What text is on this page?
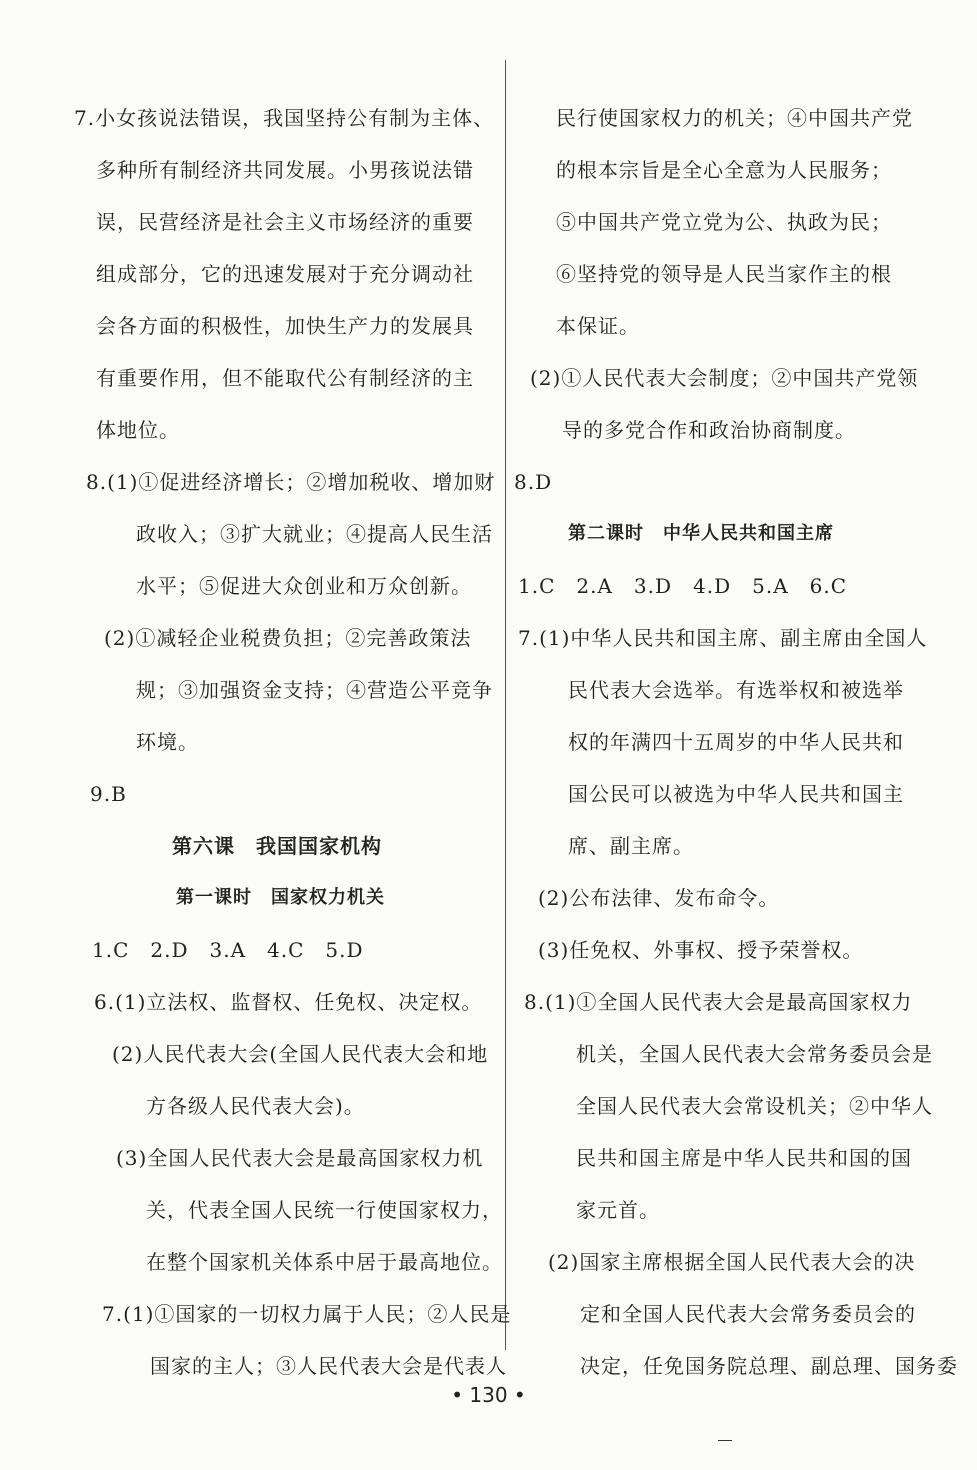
7.小女孩说法错误，我国坚持公有制为主体、
多种所有制经济共同发展。小男孩说法错
误，民营经济是社会主义市场经济的重要
组成部分，它的迅速发展对于充分调动社
会各方面的积极性，加快生产力的发展具
有重要作用，但不能取代公有制经济的主
体地位。
8.(1)①促进经济增长；②增加税收、增加财
政收入；③扩大就业；④提高人民生活
水平；⑤促进大众创业和万众创新。
(2)①减轻企业税费负担；②完善政策法
规；③加强资金支持；④营造公平竞争
环境。
9.B
第六课　我国国家机构
第一课时　国家权力机关
1.C　2.D　3.A　4.C　5.D
6.(1)立法权、监督权、任免权、决定权。
(2)人民代表大会(全国人民代表大会和地
方各级人民代表大会)。
(3)全国人民代表大会是最高国家权力机
关，代表全国人民统一行使国家权力，
在整个国家机关体系中居于最高地位。
7.(1)①国家的一切权力属于人民；②人民是
国家的主人；③人民代表大会是代表人
民行使国家权力的机关；④中国共产党
的根本宗旨是全心全意为人民服务；
⑤中国共产党立党为公、执政为民；
⑥坚持党的领导是人民当家作主的根
本保证。
(2)①人民代表大会制度；②中国共产党领
导的多党合作和政治协商制度。
8.D
第二课时　中华人民共和国主席
1.C　2.A　3.D　4.D　5.A　6.C
7.(1)中华人民共和国主席、副主席由全国人
民代表大会选举。有选举权和被选举
权的年满四十五周岁的中华人民共和
国公民可以被选为中华人民共和国主
席、副主席。
(2)公布法律、发布命令。
(3)任免权、外事权、授予荣誉权。
8.(1)①全国人民代表大会是最高国家权力
机关，全国人民代表大会常务委员会是
全国人民代表大会常设机关；②中华人
民共和国主席是中华人民共和国的国
家元首。
(2)国家主席根据全国人民代表大会的决
定和全国人民代表大会常务委员会的
决定，任免国务院总理、副总理、国务委
• 130 •
